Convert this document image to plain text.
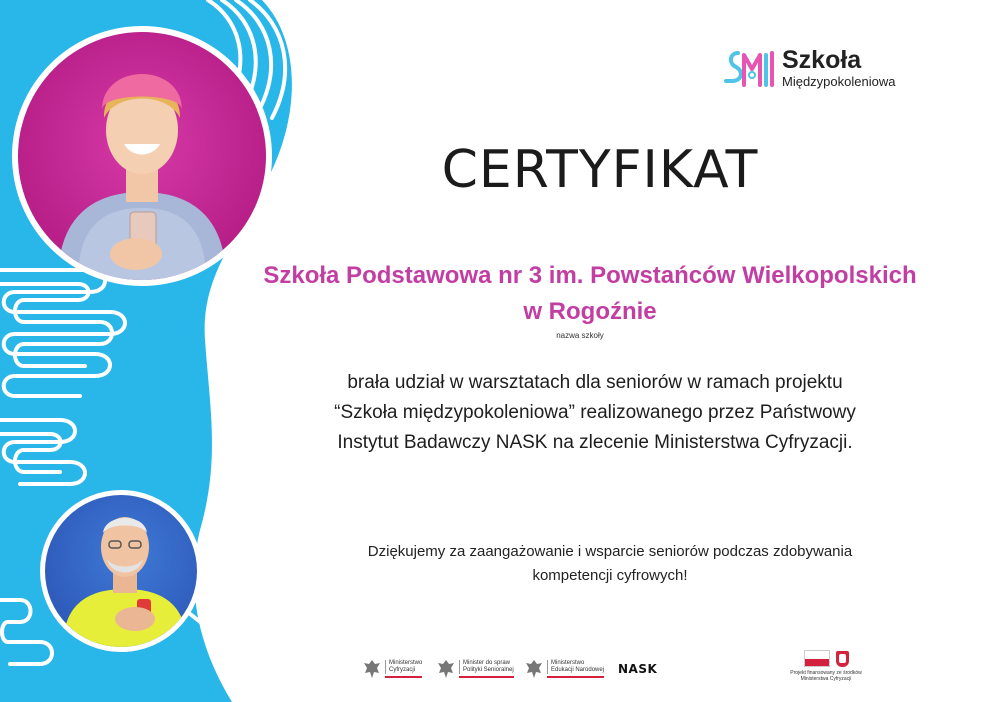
Szkoła
Międzypokoleniowa
CERTYFIKAT
Szkoła Podstawowa nr 3 im. Powstańców Wielkopolskich
w Rogoźnie
nazwa szkoły
brała udział w warsztatach dla seniorów w ramach projektu
“Szkoła międzypokoleniowa” realizowanego przez Państwowy
Instytut Badawczy NASK na zlecenie Ministerstwa Cyfryzacji.
Dziękujemy za zaangażowanie i wsparcie seniorów podczas zdobywania
kompetencji cyfrowych!
Ministerstwo
Cyfryzacji
Minister do spraw
Polityki Senioralnej
Ministerstwo
Edukacji Narodowej NASK	Projekt finansowany ze środków
Ministerstwa Cyfryzacji
